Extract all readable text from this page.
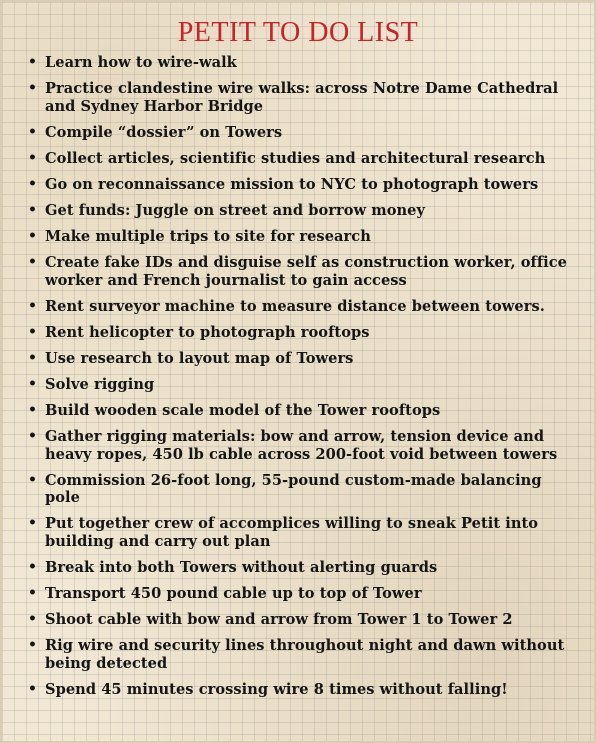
PETIT TO DO LIST
• Learn how to wire-walk
• Practice clandestine wire walks: across Notre Dame Cathedral and Sydney Harbor Bridge
• Compile “dossier” on Towers
• Collect articles, scientific studies and architectural research
• Go on reconnaissance mission to NYC to photograph towers
• Get funds: Juggle on street and borrow money
• Make multiple trips to site for research
• Create fake IDs and disguise self as construction worker, office worker and French journalist to gain access
• Rent surveyor machine to measure distance between towers.
• Rent helicopter to photograph rooftops
• Use research to layout map of Towers
• Solve rigging
• Build wooden scale model of the Tower rooftops
• Gather rigging materials: bow and arrow, tension device and heavy ropes, 450 lb cable across 200-foot void between towers
• Commission 26-foot long, 55-pound custom-made balancing pole
• Put together crew of accomplices willing to sneak Petit into building and carry out plan
• Break into both Towers without alerting guards
• Transport 450 pound cable up to top of Tower
• Shoot cable with bow and arrow from Tower 1 to Tower 2
• Rig wire and security lines throughout night and dawn without being detected
• Spend 45 minutes crossing wire 8 times without falling!
